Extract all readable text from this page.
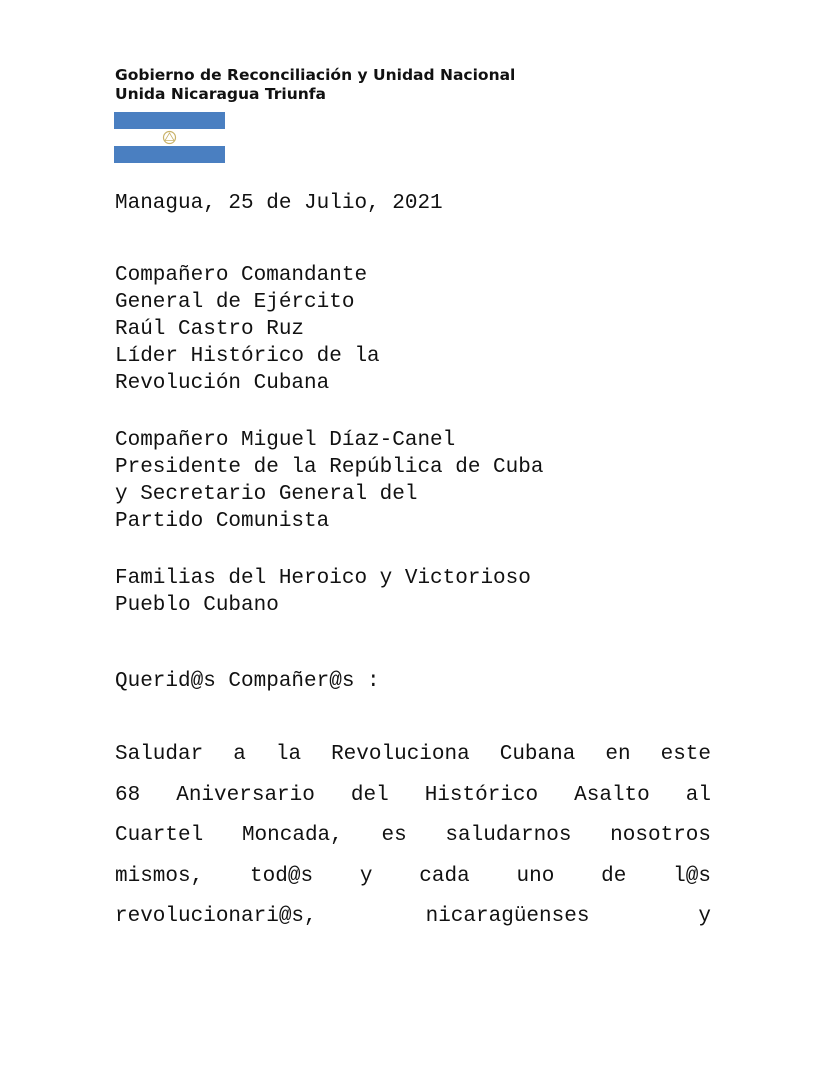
Gobierno de Reconciliación y Unidad Nacional
Unida Nicaragua Triunfa
Managua, 25 de Julio, 2021
Compañero Comandante
General de Ejército
Raúl Castro Ruz
Líder Histórico de la
Revolución Cubana
Compañero Miguel Díaz-Canel
Presidente de la República de Cuba
y Secretario General del
Partido Comunista
Familias del Heroico y Victorioso
Pueblo Cubano
Querid@s Compañer@s :
Saludar a la Revoluciona Cubana en este
68 Aniversario del Histórico Asalto al
Cuartel Moncada, es saludarnos nosotros
mismos, tod@s y cada uno de l@s
revolucionari@s, nicaragüenses y
